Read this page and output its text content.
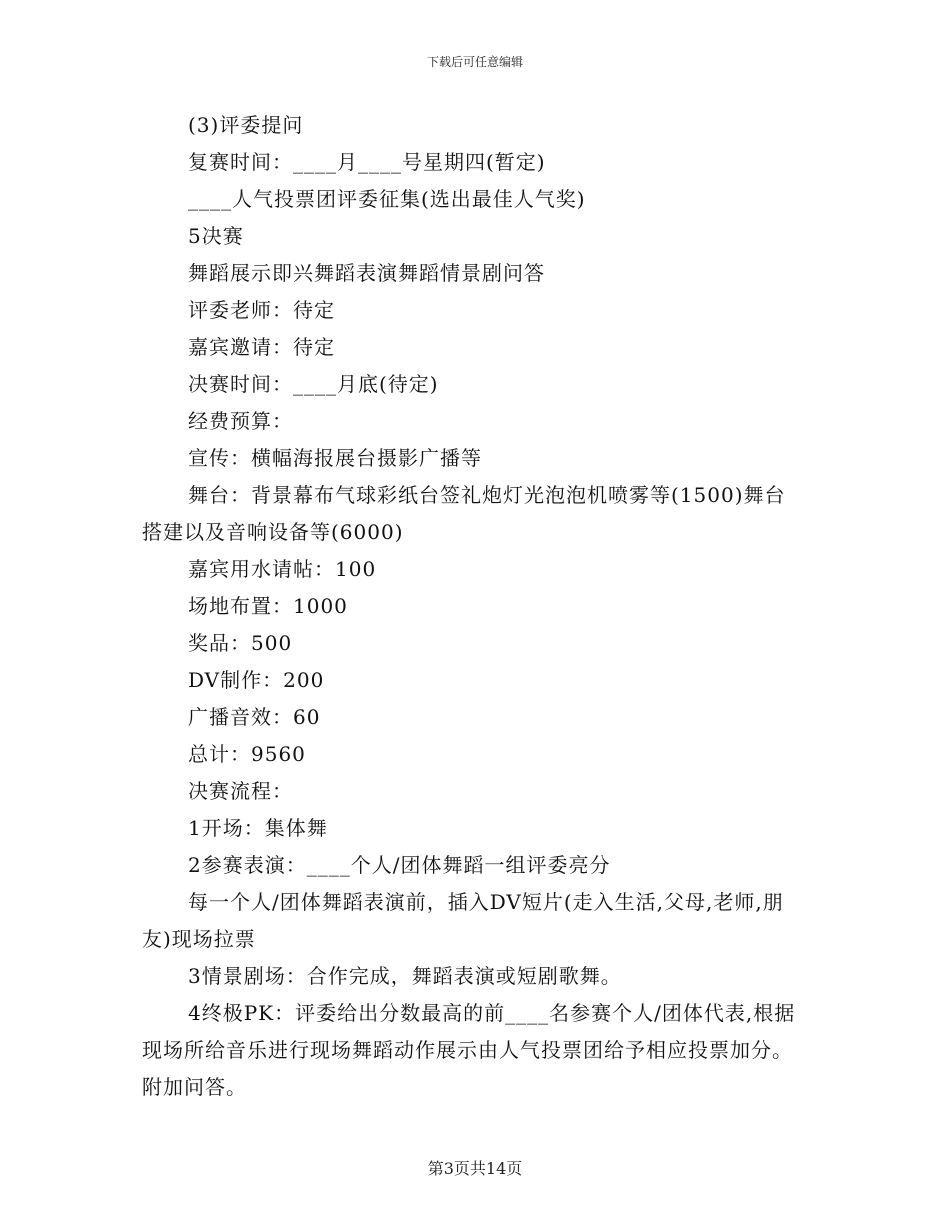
下载后可任意编辑

(3)评委提问

复赛时间：____月____号星期四(暂定)

____人气投票团评委征集(选出最佳人气奖)

5决赛

舞蹈展示即兴舞蹈表演舞蹈情景剧问答

评委老师：待定

嘉宾邀请：待定

决赛时间：____月底(待定)

经费预算：

宣传：横幅海报展台摄影广播等

舞台：背景幕布气球彩纸台签礼炮灯光泡泡机喷雾等(1500)舞台搭建以及音响设备等(6000)

嘉宾用水请帖：100

场地布置：1000

奖品：500

DV制作：200

广播音效：60

总计：9560

决赛流程：

1开场：集体舞

2参赛表演：____个人/团体舞蹈一组评委亮分

每一个人/团体舞蹈表演前，插入DV短片(走入生活,父母,老师,朋友)现场拉票

3情景剧场：合作完成，舞蹈表演或短剧歌舞。

4终极PK：评委给出分数最高的前____名参赛个人/团体代表,根据现场所给音乐进行现场舞蹈动作展示由人气投票团给予相应投票加分。附加问答。

第3页共14页
